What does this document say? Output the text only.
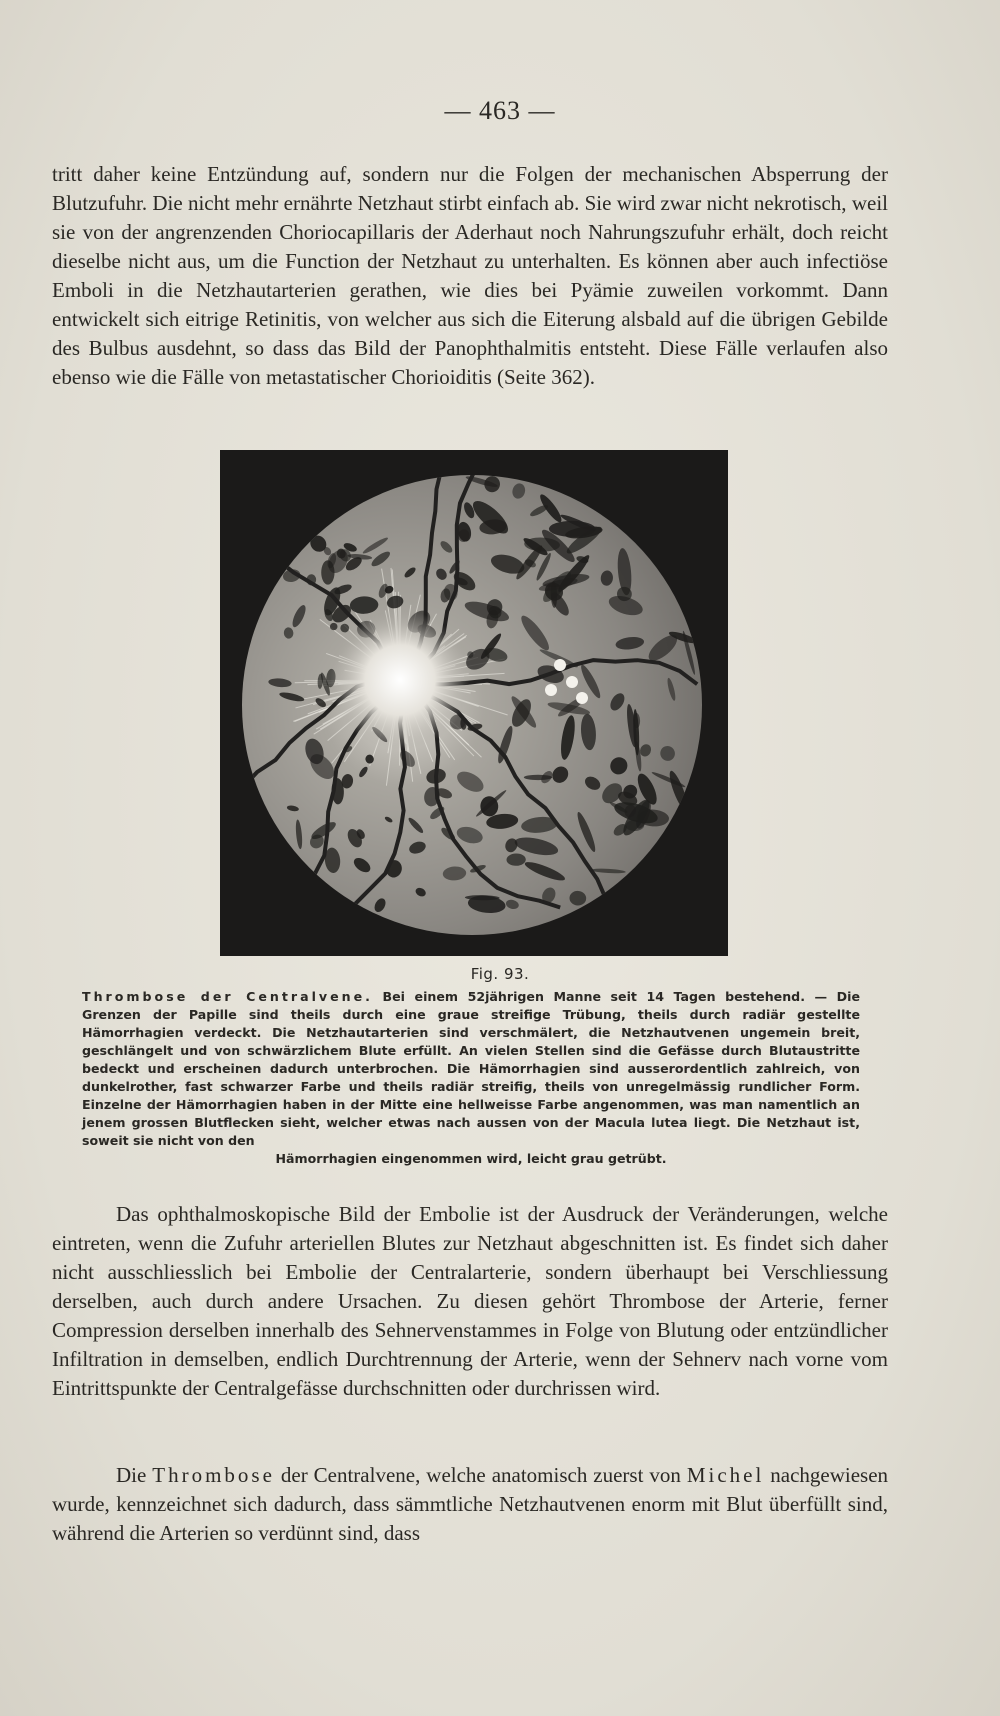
— 463 —

tritt daher keine Entzündung auf, sondern nur die Folgen der mechanischen Absperrung der Blutzufuhr. Die nicht mehr ernährte Netzhaut stirbt einfach ab. Sie wird zwar nicht nekrotisch, weil sie von der angrenzenden Choriocapillaris der Aderhaut noch Nahrungszufuhr erhält, doch reicht dieselbe nicht aus, um die Function der Netzhaut zu unterhalten. Es können aber auch infectiöse Emboli in die Netzhautarterien gerathen, wie dies bei Pyämie zuweilen vorkommt. Dann entwickelt sich eitrige Retinitis, von welcher aus sich die Eiterung alsbald auf die übrigen Gebilde des Bulbus ausdehnt, so dass das Bild der Panophthalmitis entsteht. Diese Fälle verlaufen also ebenso wie die Fälle von metastatischer Chorioiditis (Seite 362).

Fig. 93.
Thrombose der Centralvene. Bei einem 52jährigen Manne seit 14 Tagen bestehend. — Die Grenzen der Papille sind theils durch eine graue streifige Trübung, theils durch radiär gestellte Hämorrhagien verdeckt. Die Netzhautarterien sind verschmälert, die Netzhautvenen ungemein breit, geschlängelt und von schwärzlichem Blute erfüllt. An vielen Stellen sind die Gefässe durch Blutaustritte bedeckt und erscheinen dadurch unterbrochen. Die Hämorrhagien sind ausserordentlich zahlreich, von dunkelrother, fast schwarzer Farbe und theils radiär streifig, theils von unregelmässig rundlicher Form. Einzelne der Hämorrhagien haben in der Mitte eine hellweisse Farbe angenommen, was man namentlich an jenem grossen Blutflecken sieht, welcher etwas nach aussen von der Macula lutea liegt. Die Netzhaut ist, soweit sie nicht von den
Hämorrhagien eingenommen wird, leicht grau getrübt.

Das ophthalmoskopische Bild der Embolie ist der Ausdruck der Veränderungen, welche eintreten, wenn die Zufuhr arteriellen Blutes zur Netzhaut abgeschnitten ist. Es findet sich daher nicht ausschliesslich bei Embolie der Centralarterie, sondern überhaupt bei Verschliessung derselben, auch durch andere Ursachen. Zu diesen gehört Thrombose der Arterie, ferner Compression derselben innerhalb des Sehnervenstammes in Folge von Blutung oder entzündlicher Infiltration in demselben, endlich Durchtrennung der Arterie, wenn der Sehnerv nach vorne vom Eintrittspunkte der Centralgefässe durchschnitten oder durchrissen wird.

Die Thrombose der Centralvene, welche anatomisch zuerst von Michel nachgewiesen wurde, kennzeichnet sich dadurch, dass sämmtliche Netzhautvenen enorm mit Blut überfüllt sind, während die Arterien so verdünnt sind, dass
